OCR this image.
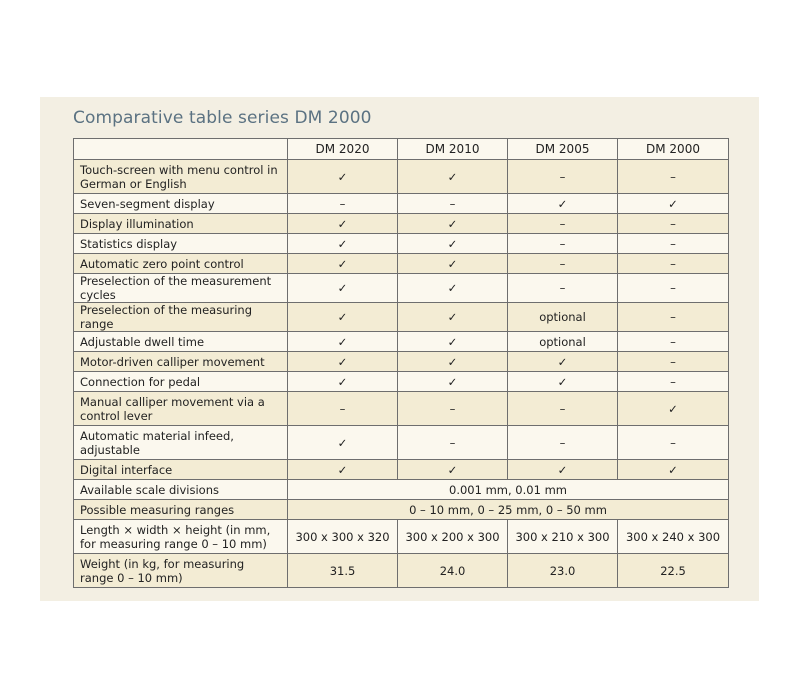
Comparative table series DM 2000
	DM 2020	DM 2010	DM 2005	DM 2000
Touch-screen with menu control in German or English	✓	✓	–	–
Seven-segment display	–	–	✓	✓
Display illumination	✓	✓	–	–
Statistics display	✓	✓	–	–
Automatic zero point control	✓	✓	–	–
Preselection of the measurement cycles	✓	✓	–	–
Preselection of the measuring range	✓	✓	optional	–
Adjustable dwell time	✓	✓	optional	–
Motor-driven calliper movement	✓	✓	✓	–
Connection for pedal	✓	✓	✓	–
Manual calliper movement via a control lever	–	–	–	✓
Automatic material infeed, adjustable	✓	–	–	–
Digital interface	✓	✓	✓	✓
Available scale divisions	0.001 mm, 0.01 mm			
Possible measuring ranges	0 – 10 mm, 0 – 25 mm, 0 – 50 mm			
Length × width × height (in mm, for measuring range 0 – 10 mm)	300 x 300 x 320	300 x 200 x 300	300 x 210 x 300	300 x 240 x 300
Weight (in kg, for measuring range 0 – 10 mm)	31.5	24.0	23.0	22.5
